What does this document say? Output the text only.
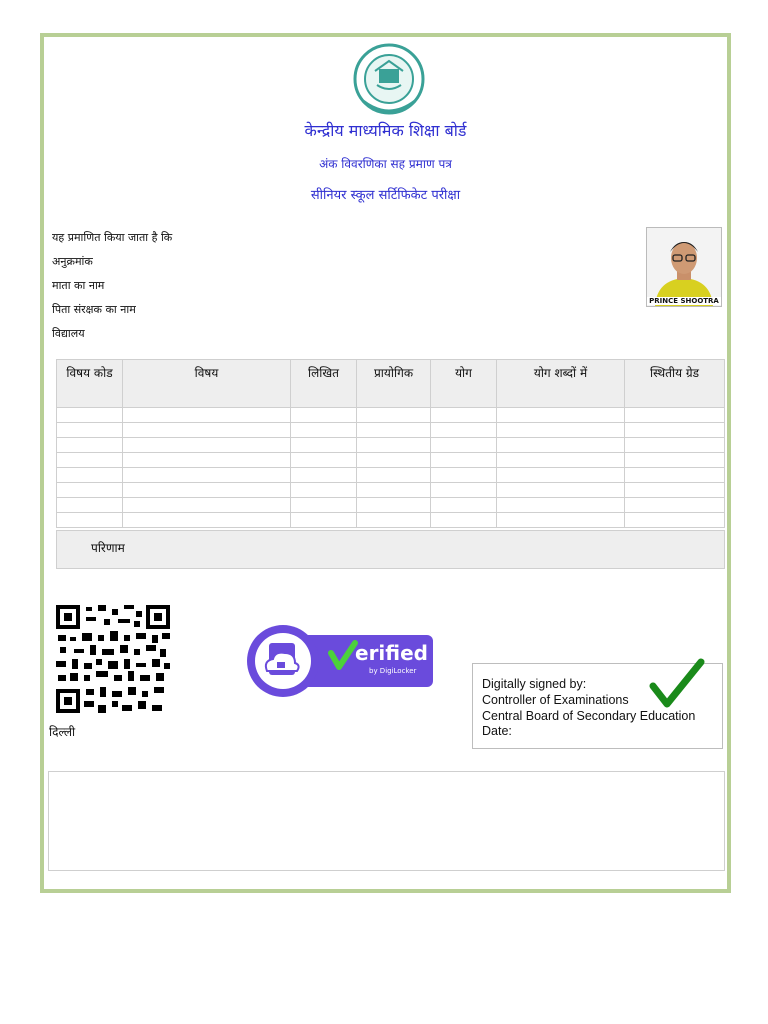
केन्द्रीय माध्यमिक शिक्षा बोर्ड
अंक विवरणिका सह प्रमाण पत्र
सीनियर स्कूल सर्टिफिकेट परीक्षा
यह प्रमाणित किया जाता है कि
अनुक्रमांक
माता का नाम
पिता संरक्षक का नाम
विद्यालय
PRINCE SHOOTRA
विषय कोड	विषय	लिखित	प्रायोगिक	योग	योग शब्दों में	स्थितीय ग्रेड

परिणाम
दिल्ली
erified
by DigiLocker
Digitally signed by:
Controller of Examinations
Central Board of Secondary Education
Date:
